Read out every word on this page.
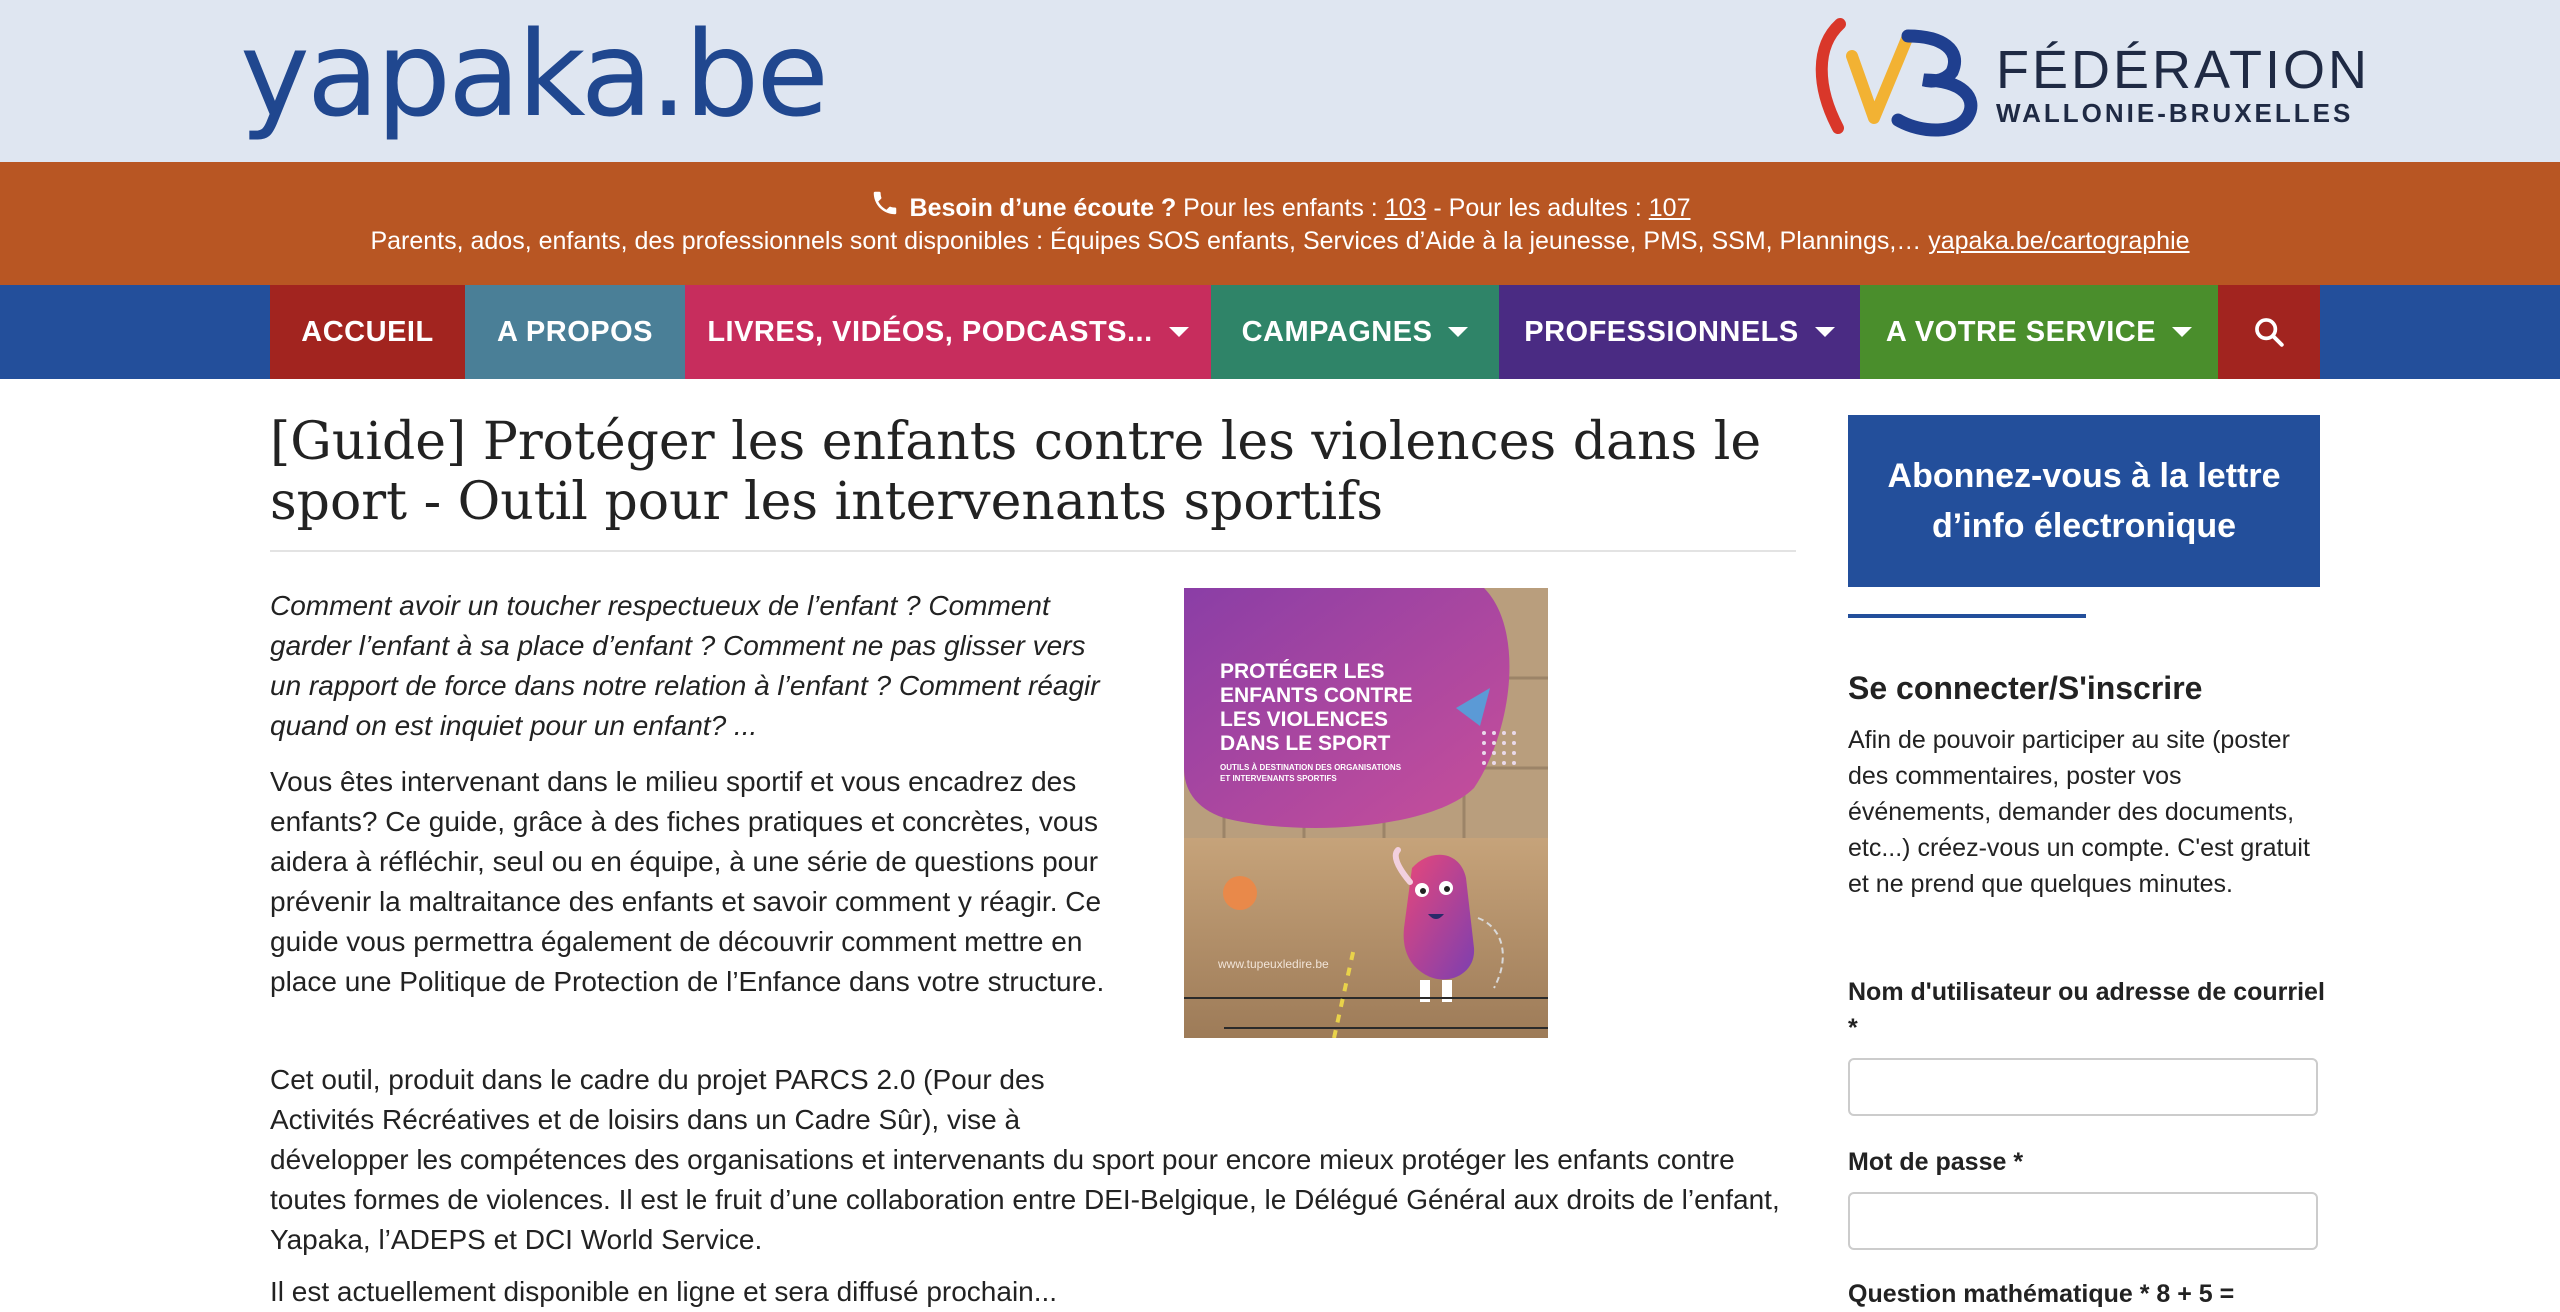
yapaka.be	FÉDÉRATION
WALLONIE-BRUXELLES
Besoin d’une écoute ? Pour les enfants : 103 - Pour les adultes : 107
Parents, ados, enfants, des professionnels sont disponibles : Équipes SOS enfants, Services d’Aide à la jeunesse, PMS, SSM, Plannings,… yapaka.be/cartographie
ACCUEIL	A PROPOS	LIVRES, VIDÉOS, PODCASTS...	CAMPAGNES	PROFESSIONNELS	A VOTRE SERVICE
[Guide] Protéger les enfants contre les violences dans le sport - Outil pour les intervenants sportifs

Comment avoir un toucher respectueux de l’enfant ? Comment garder l’enfant à sa place d’enfant ? Comment ne pas glisser vers un rapport de force dans notre relation à l’enfant ? Comment réagir quand on est inquiet pour un enfant? ...

Vous êtes intervenant dans le milieu sportif et vous encadrez des enfants? Ce guide, grâce à des fiches pratiques et concrètes, vous aidera à réfléchir, seul ou en équipe, à une série de questions pour prévenir la maltraitance des enfants et savoir comment y réagir. Ce guide vous permettra également de découvrir comment mettre en place une Politique de Protection de l’Enfance dans votre structure.

Cet outil, produit dans le cadre du projet PARCS 2.0 (Pour des Activités Récréatives et de loisirs dans un Cadre Sûr), vise à

développer les compétences des organisations et intervenants du sport pour encore mieux protéger les enfants contre toutes formes de violences. Il est le fruit d’une collaboration entre DEI-Belgique, le Délégué Général aux droits de l’enfant, Yapaka, l’ADEPS et DCI World Service.

Il est actuellement disponible en ligne et sera diffusé prochain...

PROTÉGER LES
ENFANTS CONTRE
LES VIOLENCES
DANS LE SPORT
OUTILS À DESTINATION DES ORGANISATIONS
ET INTERVENANTS SPORTIFS
www.tupeuxledire.be
Abonnez-vous à la lettre
d’info électronique
Se connecter/S'inscrire

Afin de pouvoir participer au site (poster des commentaires, poster vos événements, demander des documents, etc...) créez-vous un compte. C'est gratuit et ne prend que quelques minutes.

Nom d'utilisateur ou adresse de courriel *
Mot de passe *
Question mathématique * 8 + 5 =
